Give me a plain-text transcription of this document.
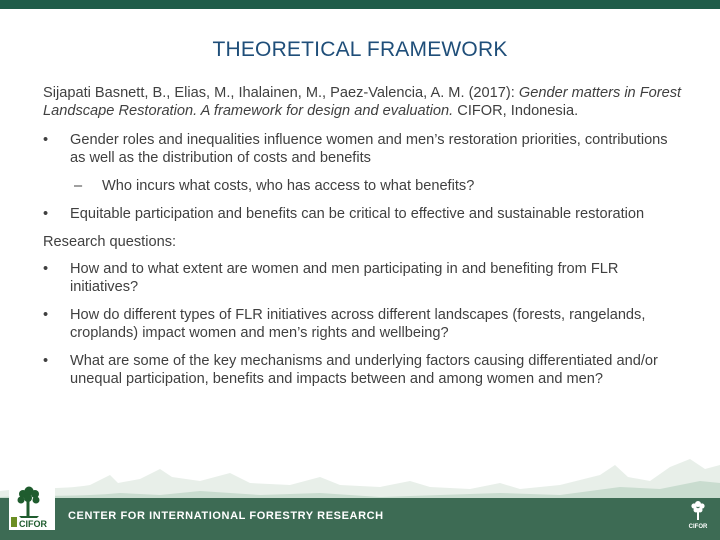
THEORETICAL FRAMEWORK

Sijapati Basnett, B., Elias, M., Ihalainen, M., Paez-Valencia, A. M. (2017): Gender matters in Forest Landscape Restoration. A framework for design and evaluation. CIFOR, Indonesia.

• Gender roles and inequalities influence women and men’s restoration priorities, contributions as well as the distribution of costs and benefits
– Who incurs what costs, who has access to what benefits?
• Equitable participation and benefits can be critical to effective and sustainable restoration

Research questions:

• How and to what extent are women and men participating in and benefiting from FLR initiatives?
• How do different types of FLR initiatives across different landscapes (forests, rangelands, croplands) impact women and men’s rights and wellbeing?
• What are some of the key mechanisms and underlying factors causing differentiated and/or unequal participation, benefits and impacts between and among women and men?
CIFOR
CENTER FOR INTERNATIONAL FORESTRY RESEARCH
CIFOR
